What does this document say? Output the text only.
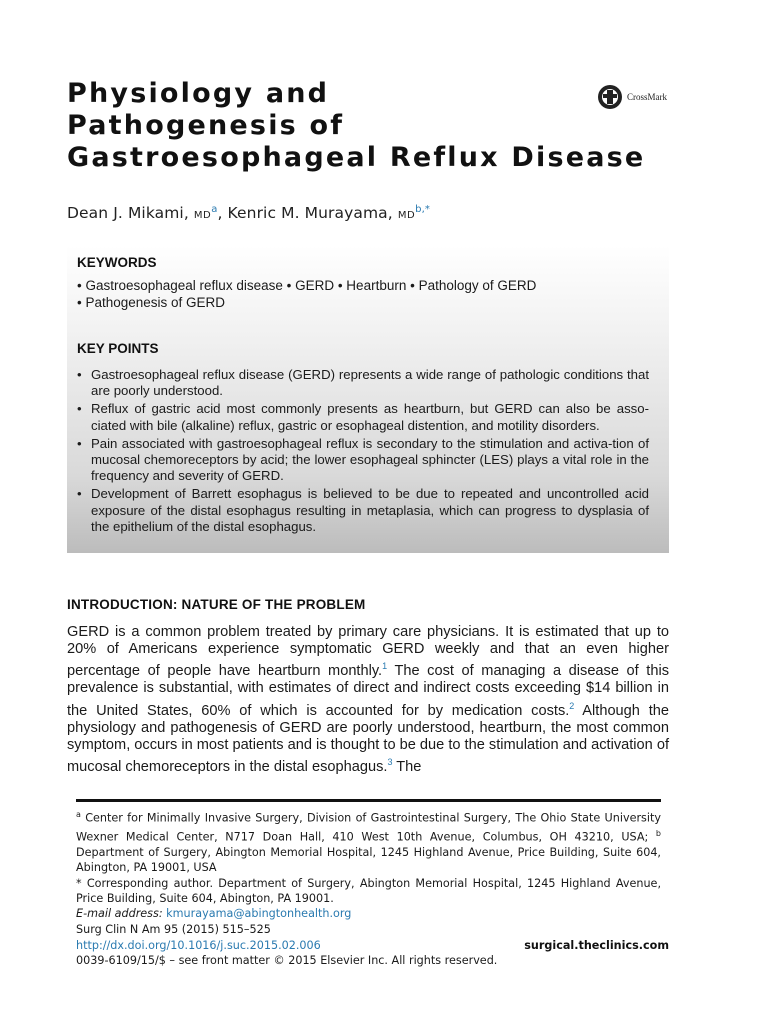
Physiology and
Pathogenesis of
Gastroesophageal Reflux Disease
CrossMark
Dean J. Mikami, $MD^a$, Kenric M. Murayama, $MD^{b,*}$
KEYWORDS
• Gastroesophageal reflux disease • GERD • Heartburn • Pathology of GERD
• Pathogenesis of GERD
KEY POINTS
• Gastroesophageal reflux disease (GERD) represents a wide range of pathologic conditions that are poorly understood.
• Reflux of gastric acid most commonly presents as heartburn, but GERD can also be asso-ciated with bile (alkaline) reflux, gastric or esophageal distention, and motility disorders.
• Pain associated with gastroesophageal reflux is secondary to the stimulation and activa-tion of mucosal chemoreceptors by acid; the lower esophageal sphincter (LES) plays a vital role in the frequency and severity of GERD.
• Development of Barrett esophagus is believed to be due to repeated and uncontrolled acid exposure of the distal esophagus resulting in metaplasia, which can progress to dysplasia of the epithelium of the distal esophagus.
INTRODUCTION: NATURE OF THE PROBLEM

GERD is a common problem treated by primary care physicians. It is estimated that up to 20% of Americans experience symptomatic GERD weekly and that an even higher percentage of people have heartburn monthly.$^1$ The cost of managing a disease of this prevalence is substantial, with estimates of direct and indirect costs exceeding $14 billion in the United States, 60% of which is accounted for by medication costs.$^2$ Although the physiology and pathogenesis of GERD are poorly understood, heartburn, the most common symptom, occurs in most patients and is thought to be due to the stimulation and activation of mucosal chemoreceptors in the distal esophagus.$^3$ The

$^a$ Center for Minimally Invasive Surgery, Division of Gastrointestinal Surgery, The Ohio State University Wexner Medical Center, N717 Doan Hall, 410 West 10th Avenue, Columbus, OH 43210, USA; $^b$ Department of Surgery, Abington Memorial Hospital, 1245 Highland Avenue, Price Building, Suite 604, Abington, PA 19001, USA

* Corresponding author. Department of Surgery, Abington Memorial Hospital, 1245 Highland Avenue, Price Building, Suite 604, Abington, PA 19001.

E-mail address: kmurayama@abingtonhealth.org

Surg Clin N Am 95 (2015) 515–525
http://dx.doi.org/10.1016/j.suc.2015.02.006	surgical.theclinics.com
0039-6109/15/$ – see front matter © 2015 Elsevier Inc. All rights reserved.
